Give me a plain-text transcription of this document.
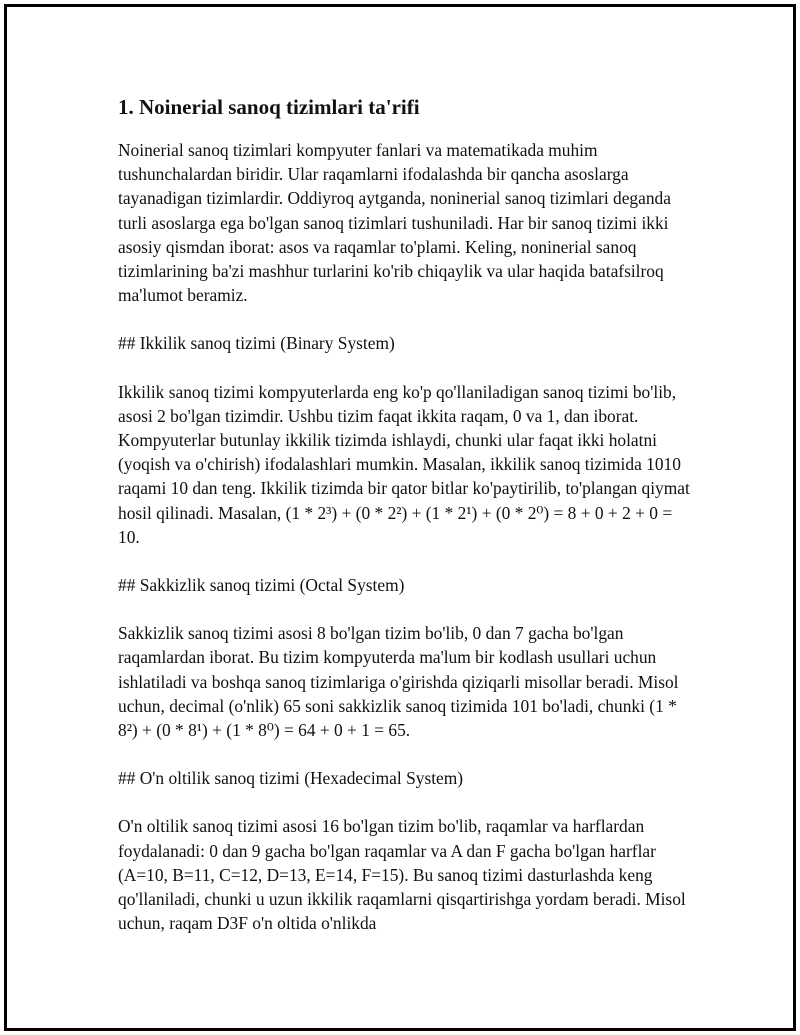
1. Noinerial sanoq tizimlari ta'rifi

Noinerial sanoq tizimlari kompyuter fanlari va matematikada muhim tushunchalardan biridir. Ular raqamlarni ifodalashda bir qancha asoslarga tayanadigan tizimlardir. Oddiyroq aytganda, noninerial sanoq tizimlari deganda turli asoslarga ega bo'lgan sanoq tizimlari tushuniladi. Har bir sanoq tizimi ikki asosiy qismdan iborat: asos va raqamlar to'plami. Keling, noninerial sanoq tizimlarining ba'zi mashhur turlarini ko'rib chiqaylik va ular haqida batafsilroq ma'lumot beramiz.

## Ikkilik sanoq tizimi (Binary System)

Ikkilik sanoq tizimi kompyuterlarda eng ko'p qo'llaniladigan sanoq tizimi bo'lib, asosi 2 bo'lgan tizimdir. Ushbu tizim faqat ikkita raqam, 0 va 1, dan iborat. Kompyuterlar butunlay ikkilik tizimda ishlaydi, chunki ular faqat ikki holatni (yoqish va o'chirish) ifodalashlari mumkin. Masalan, ikkilik sanoq tizimida 1010 raqami 10 dan teng. Ikkilik tizimda bir qator bitlar ko'paytirilib, to'plangan qiymat hosil qilinadi. Masalan, (1 * 2³) + (0 * 2²) + (1 * 2¹) + (0 * 2⁰) = 8 + 0 + 2 + 0 = 10.

## Sakkizlik sanoq tizimi (Octal System)

Sakkizlik sanoq tizimi asosi 8 bo'lgan tizim bo'lib, 0 dan 7 gacha bo'lgan raqamlardan iborat. Bu tizim kompyuterda ma'lum bir kodlash usullari uchun ishlatiladi va boshqa sanoq tizimlariga o'girishda qiziqarli misollar beradi. Misol uchun, decimal (o'nlik) 65 soni sakkizlik sanoq tizimida 101 bo'ladi, chunki (1 * 8²) + (0 * 8¹) + (1 * 8⁰) = 64 + 0 + 1 = 65.

## O'n oltilik sanoq tizimi (Hexadecimal System)

O'n oltilik sanoq tizimi asosi 16 bo'lgan tizim bo'lib, raqamlar va harflardan foydalanadi: 0 dan 9 gacha bo'lgan raqamlar va A dan F gacha bo'lgan harflar (A=10, B=11, C=12, D=13, E=14, F=15). Bu sanoq tizimi dasturlashda keng qo'llaniladi, chunki u uzun ikkilik raqamlarni qisqartirishga yordam beradi. Misol uchun, raqam D3F o'n oltida o'nlikda
